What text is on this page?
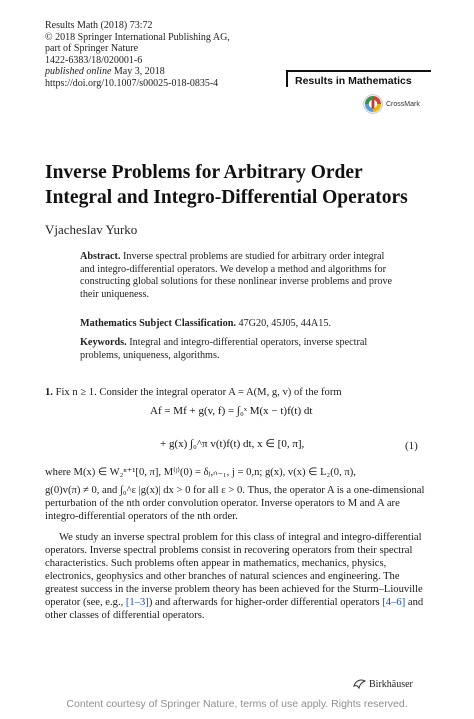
Results Math (2018) 73:72
© 2018 Springer International Publishing AG,
part of Springer Nature
1422-6383/18/020001-6
published online May 3, 2018
https://doi.org/10.1007/s00025-018-0835-4	Results in Mathematics
CrossMark
Inverse Problems for Arbitrary Order
Integral and Integro-Differential Operators
Vjacheslav Yurko
Abstract. Inverse spectral problems are studied for arbitrary order integral and integro-differential operators. We develop a method and algorithms for constructing global solutions for these nonlinear inverse problems and prove their uniqueness.
Mathematics Subject Classification. 47G20, 45J05, 44A15.
Keywords. Integral and integro-differential operators, inverse spectral problems, uniqueness, algorithms.
1. Fix n ≥ 1. Consider the integral operator A = A(M, g, v) of the form
Af = Mf + g(v, f) = ∫₀ˣ M(x − t)f(t) dt
+ g(x) ∫₀^π v(t)f(t) dt, x ∈ [0, π],	(1)
where M(x) ∈ W₂ⁿ⁺¹[0, π], M⁽ʲ⁾(0) = δⱼ,ₙ₋₁, j = 0,n; g(x), v(x) ∈ L₂(0, π),
g(0)v(π) ≠ 0, and ∫₀^ε |g(x)| dx > 0 for all ε > 0. Thus, the operator A is a one-dimensional perturbation of the nth order convolution operator. Inverse operators to M and A are integro-differential operators of the nth order.
We study an inverse spectral problem for this class of integral and integro-differential operators. Inverse spectral problems consist in recovering operators from their spectral characteristics. Such problems often appear in mathematics, mechanics, physics, electronics, geophysics and other branches of natural sciences and engineering. The greatest success in the inverse problem theory has been achieved for the Sturm–Liouville operator (see, e.g., [1–3]) and afterwards for higher-order differential operators [4–6] and other classes of differential operators.
Birkhäuser
Content courtesy of Springer Nature, terms of use apply. Rights reserved.
